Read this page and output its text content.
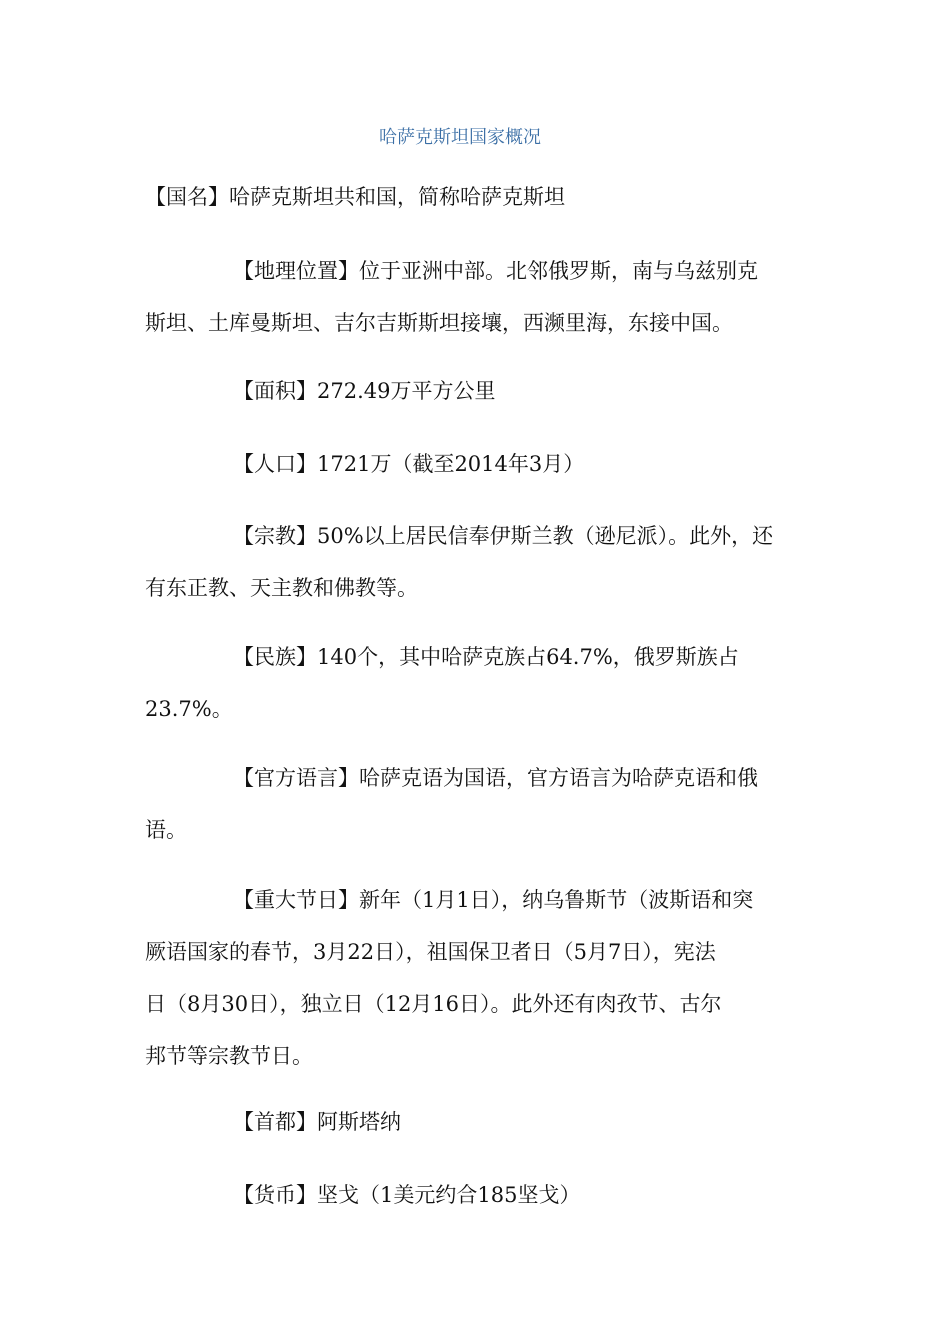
哈萨克斯坦国家概况
【国名】哈萨克斯坦共和国，简称哈萨克斯坦
【地理位置】位于亚洲中部。北邻俄罗斯，南与乌兹别克
斯坦、土库曼斯坦、吉尔吉斯斯坦接壤，西濒里海，东接中国。
【面积】272.49万平方公里
【人口】1721万（截至2014年3月）
【宗教】50%以上居民信奉伊斯兰教（逊尼派）。此外，还
有东正教、天主教和佛教等。
【民族】140个，其中哈萨克族占64.7%，俄罗斯族占
23.7%。
【官方语言】哈萨克语为国语，官方语言为哈萨克语和俄
语。
【重大节日】新年（1月1日），纳乌鲁斯节（波斯语和突
厥语国家的春节，3月22日），祖国保卫者日（5月7日），宪法
日（8月30日），独立日（12月16日）。此外还有肉孜节、古尔
邦节等宗教节日。
【首都】阿斯塔纳
【货币】坚戈（1美元约合185坚戈）
